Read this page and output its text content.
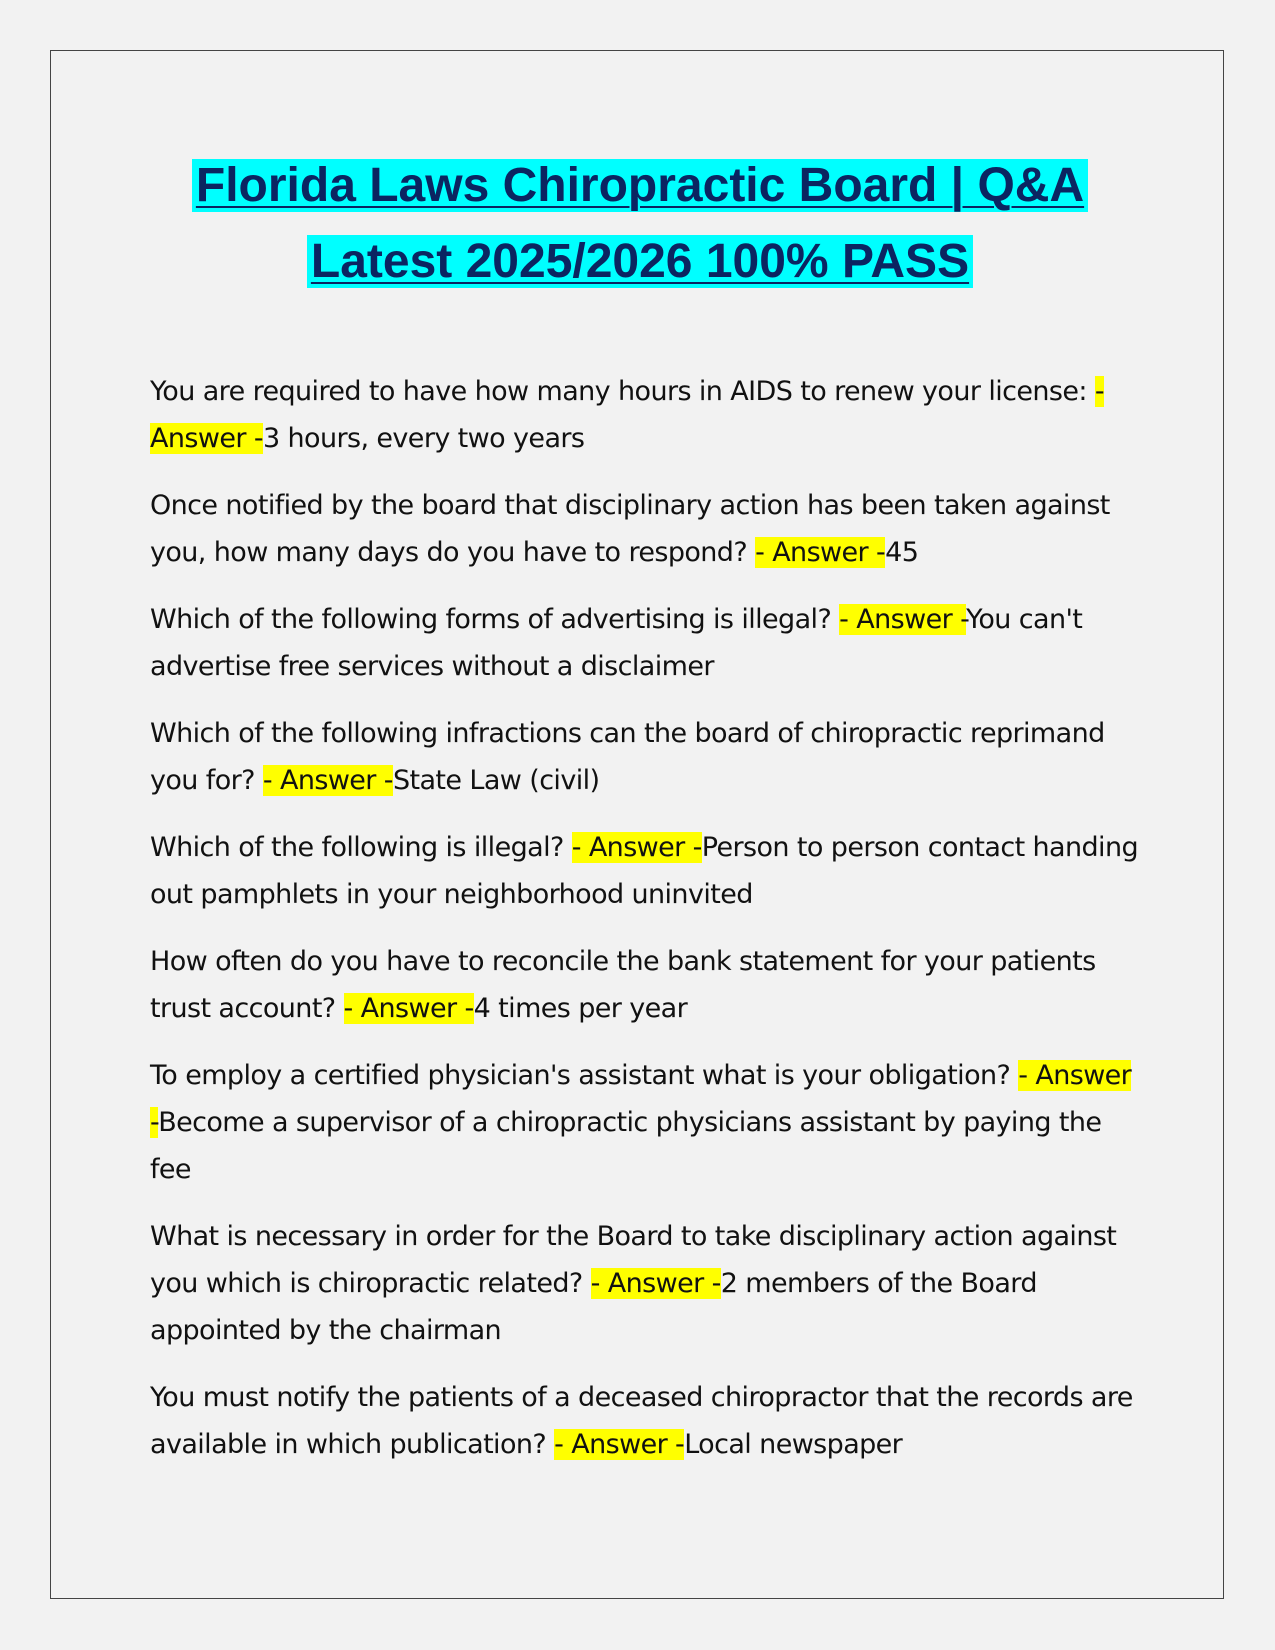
Florida Laws Chiropractic Board | Q&A Latest 2025/2026 100% PASS

You are required to have how many hours in AIDS to renew your license: - Answer -3 hours, every two years

Once notified by the board that disciplinary action has been taken against you, how many days do you have to respond? - Answer -45

Which of the following forms of advertising is illegal? - Answer -You can't advertise free services without a disclaimer

Which of the following infractions can the board of chiropractic reprimand you for? - Answer -State Law (civil)

Which of the following is illegal? - Answer -Person to person contact handing out pamphlets in your neighborhood uninvited

How often do you have to reconcile the bank statement for your patients trust account? - Answer -4 times per year

To employ a certified physician's assistant what is your obligation? - Answer -Become a supervisor of a chiropractic physicians assistant by paying the fee

What is necessary in order for the Board to take disciplinary action against you which is chiropractic related? - Answer -2 members of the Board appointed by the chairman

You must notify the patients of a deceased chiropractor that the records are available in which publication? - Answer -Local newspaper
